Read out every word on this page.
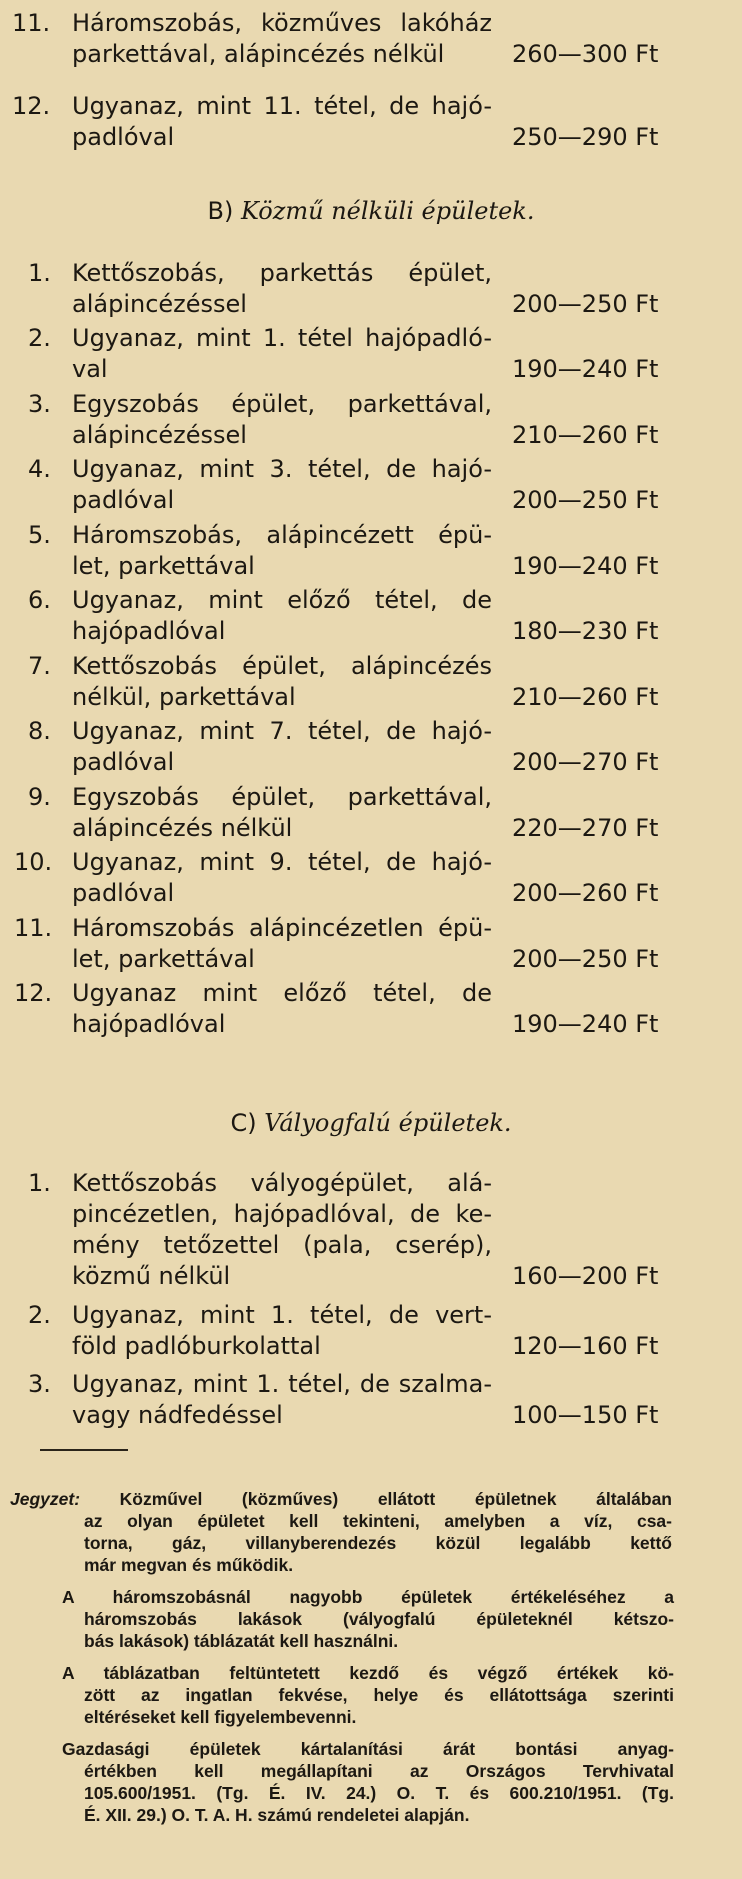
11. Háromszobás, közműves lakóház
parkettával, alápincézés nélkül	260—300 Ft
12. Ugyanaz, mint 11. tétel, de hajó-
padlóval	250—290 Ft
B) Közmű nélküli épületek.
1. Kettőszobás, parkettás épület,
alápincézéssel	200—250 Ft
2. Ugyanaz, mint 1. tétel hajópadló-
val	190—240 Ft
3. Egyszobás épület, parkettával,
alápincézéssel	210—260 Ft
4. Ugyanaz, mint 3. tétel, de hajó-
padlóval	200—250 Ft
5. Háromszobás, alápincézett épü-
let, parkettával	190—240 Ft
6. Ugyanaz, mint előző tétel, de
hajópadlóval	180—230 Ft
7. Kettőszobás épület, alápincézés
nélkül, parkettával	210—260 Ft
8. Ugyanaz, mint 7. tétel, de hajó-
padlóval	200—270 Ft
9. Egyszobás épület, parkettával,
alápincézés nélkül	220—270 Ft
10. Ugyanaz, mint 9. tétel, de hajó-
padlóval	200—260 Ft
11. Háromszobás alápincézetlen épü-
let, parkettával	200—250 Ft
12. Ugyanaz mint előző tétel, de
hajópadlóval	190—240 Ft
C) Vályogfalú épületek.
1. Kettőszobás vályogépület, alá-
pincézetlen, hajópadlóval, de ke-
mény tetőzettel (pala, cserép),
közmű nélkül	160—200 Ft
2. Ugyanaz, mint 1. tétel, de vert-
föld padlóburkolattal	120—160 Ft
3. Ugyanaz, mint 1. tétel, de szalma-
vagy nádfedéssel	100—150 Ft
Jegyzet: Közművel (közműves) ellátott épületnek általában
az olyan épületet kell tekinteni, amelyben a víz, csa-
torna, gáz, villanyberendezés közül legalább kettő
már megvan és működik.
A háromszobásnál nagyobb épületek értékeléséhez a
háromszobás lakások (vályogfalú épületeknél kétszo-
bás lakások) táblázatát kell használni.
A táblázatban feltüntetett kezdő és végző értékek kö-
zött az ingatlan fekvése, helye és ellátottsága szerinti
eltéréseket kell figyelembevenni.
Gazdasági épületek kártalanítási árát bontási anyag-
értékben kell megállapítani az Országos Tervhivatal
105.600/1951. (Tg. É. IV. 24.) O. T. és 600.210/1951. (Tg.
É. XII. 29.) O. T. A. H. számú rendeletei alapján.
